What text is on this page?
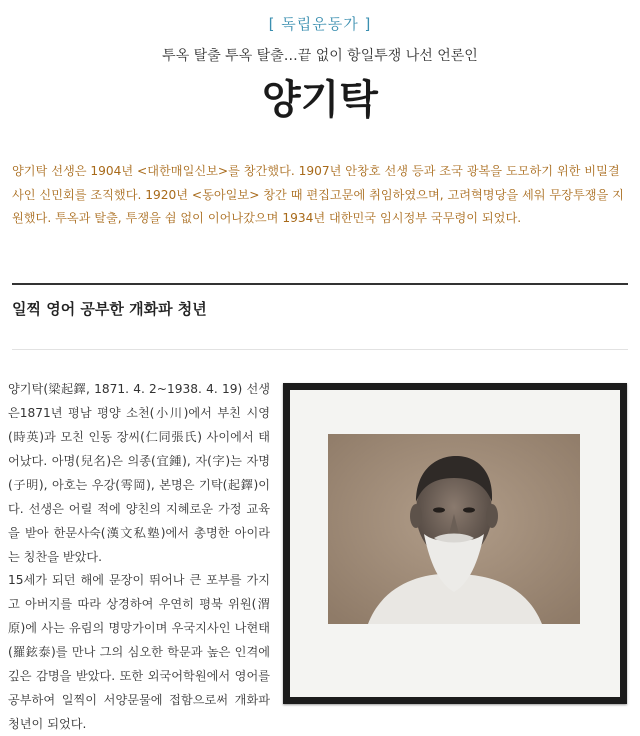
[ 독립운동가 ]
투옥 탈출 투옥 탈출…끝 없이 항일투쟁 나선 언론인
양기탁
양기탁 선생은 1904년 <대한매일신보>를 창간했다. 1907년 안창호 선생 등과 조국 광복을 도모하기 위한 비밀결사인 신민회를 조직했다. 1920년 <동아일보> 창간 때 편집고문에 취임하였으며, 고려혁명당을 세워 무장투쟁을 지원했다. 투옥과 탈출, 투쟁을 쉼 없이 이어나갔으며 1934년 대한민국 임시정부 국무령이 되었다.
일찍 영어 공부한 개화파 청년
양기탁(梁起鐸, 1871. 4. 2~1938. 4. 19) 선생은1871년 평남 평양 소천(小川)에서 부친 시영(時英)과 모친 인동 장씨(仁同張氏) 사이에서 태어났다. 아명(兒名)은 의종(宜鍾), 자(字)는 자명(子明), 아호는 우강(雩岡), 본명은 기탁(起鐸)이다. 선생은 어릴 적에 양친의 지혜로운 가정 교육을 받아 한문사숙(漢文私塾)에서 총명한 아이라는 칭찬을 받았다.
15세가 되던 해에 문장이 뛰어나 큰 포부를 가지고 아버지를 따라 상경하여 우연히 평북 위원(渭原)에 사는 유림의 명망가이며 우국지사인 나현태(羅鉉泰)를 만나 그의 심오한 학문과 높은 인격에 깊은 감명을 받았다. 또한 외국어학원에서 영어를 공부하여 일찍이 서양문물에 접함으로써 개화파 청년이 되었다.
